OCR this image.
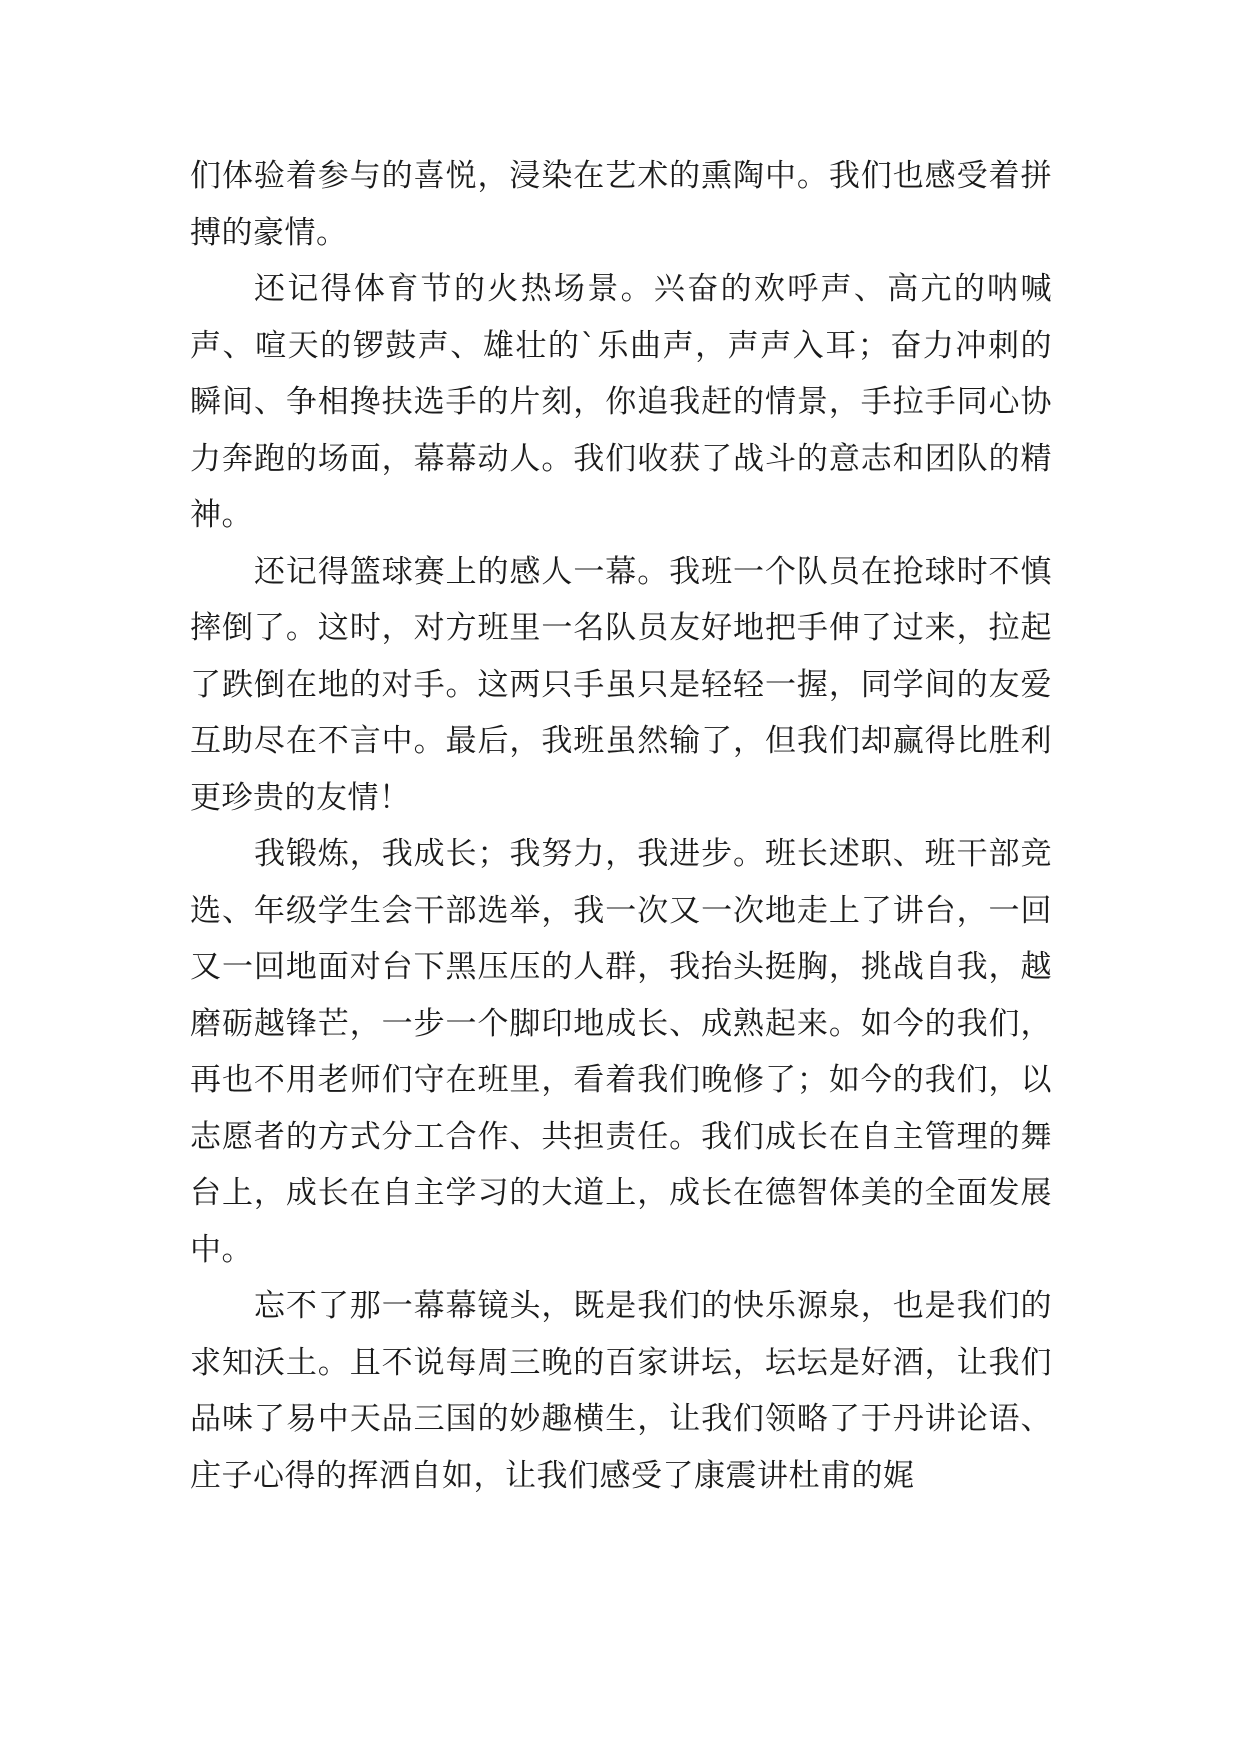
们体验着参与的喜悦，浸染在艺术的熏陶中。我们也感受着拼搏的豪情。

还记得体育节的火热场景。兴奋的欢呼声、高亢的呐喊声、喧天的锣鼓声、雄壮的`乐曲声，声声入耳；奋力冲刺的瞬间、争相搀扶选手的片刻，你追我赶的情景，手拉手同心协力奔跑的场面，幕幕动人。我们收获了战斗的意志和团队的精神。

还记得篮球赛上的感人一幕。我班一个队员在抢球时不慎摔倒了。这时，对方班里一名队员友好地把手伸了过来，拉起了跌倒在地的对手。这两只手虽只是轻轻一握，同学间的友爱互助尽在不言中。最后，我班虽然输了，但我们却赢得比胜利更珍贵的友情！

我锻炼，我成长；我努力，我进步。班长述职、班干部竞选、年级学生会干部选举，我一次又一次地走上了讲台，一回又一回地面对台下黑压压的人群，我抬头挺胸，挑战自我，越磨砺越锋芒，一步一个脚印地成长、成熟起来。如今的我们，再也不用老师们守在班里，看着我们晚修了；如今的我们，以志愿者的方式分工合作、共担责任。我们成长在自主管理的舞台上，成长在自主学习的大道上，成长在德智体美的全面发展中。

忘不了那一幕幕镜头，既是我们的快乐源泉，也是我们的求知沃土。且不说每周三晚的百家讲坛，坛坛是好酒，让我们品味了易中天品三国的妙趣横生，让我们领略了于丹讲论语、庄子心得的挥洒自如，让我们感受了康震讲杜甫的娓
